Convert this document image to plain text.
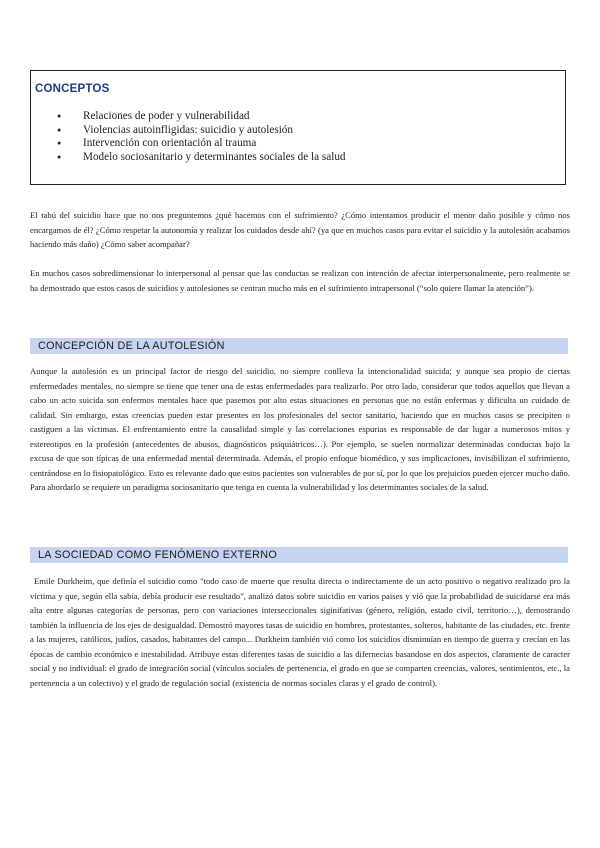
CONCEPTOS
● Relaciones de poder y vulnerabilidad
● Violencias autoinfligidas: suicidio y autolesión
● Intervención con orientación al trauma
● Modelo sociosanitario y determinantes sociales de la salud

El tabú del suicidio hace que no nos preguntemos ¿qué hacemos con el sufrimiento? ¿Cómo intentamos producir el menor daño posible y cómo nos encargamos de él? ¿Cómo respetar la autonomía y realizar los cuidados desde ahí? (ya que en muchos casos para evitar el suicidio y la autolesión acabamos haciendo más daño) ¿Cómo saber acompañar?

En muchos casos sobredimensionar lo interpersonal al pensar que las conductas se realizan con intención de afectar interpersonalmente, pero realmente se ha demostrado que estos casos de suicidios y autolesiones se centran mucho más en el sufrimiento intrapersonal (“solo quiere llamar la atención”).

CONCEPCIÓN DE LA AUTOLESIÓN

Aunque la autolesión es un principal factor de riesgo del suicidio, no siempre conlleva la intencionalidad suicida; y aunque sea propio de ciertas enfermedades mentales, no siempre se tiene que tener una de estas enfermedades para realizarlo. Por otro lado, considerar que todos aquellos que llevan a cabo un acto suicida son enfermos mentales hace que pasemos por alto estas situaciones en personas que no están enfermas y dificulta un cuidado de calidad. Sin embargo, estas creencias pueden estar presentes en los profesionales del sector sanitario, haciendo que en muchos casos se precipiten o castiguen a las víctimas. El enfrentamiento entre la causalidad simple y las correlaciones espurias es responsable de dar lugar a numerosos mitos y estereotipos en la profesión (antecedentes de abusos, diagnósticos psiquiátricos…). Por ejemplo, se suelen normalizar determinadas conductas bajo la excusa de que son típicas de una enfermedad mental determinada. Además, el propio enfoque biomédico, y sus implicaciones, invisibilizan el sufrimiento, centrándose en lo fisiopatológico. Esto es relevante dado que estos pacientes son vulnerables de por sí, por lo que los prejuicios pueden ejercer mucho daño. Para abordarlo se requiere un paradigma sociosanitario que tenga en cuenta la vulnerabilidad y los determinantes sociales de la salud.

LA SOCIEDAD COMO FENÓMENO EXTERNO

Emile Durkheim, que definía el suicidio como "todo caso de muerte que resulta directa o indirectamente de un acto positivo o negativo realizado pro la víctima y que, según ella sabía, debía producir ese resultado", analizó datos sobre suicidio en varios paises y vió que la probabilidad de suicidarse era más alta entre algunas categorías de personas, pero con variaciones interseccionales siginifativas (género, religión, estado civil, territorio…), demostrando también la influencia de los ejes de desigualdad. Demostró mayores tasas de suicidio en hombres, protestantes, solteros, habitante de las ciudades, etc. frente a las mujeres, católicos, judíos, casados, habitantes del campo... Durkheim también vió como los suicidios disminuían en tiempo de guerra y crecían en las épocas de cambio económico e inestabilidad. Atribuye estas diferentes tasas de suicidio a las difernecias basandose en dos aspectos, claramente de caracter social y no individual: el grado de integración social (vínculos sociales de pertenencia, el grado en que se comparten creencias, valores, sentimientos, etc., la pertenencia a un colectivo) y el grado de regulación social (existencia de normas sociales claras y el grado de control).
